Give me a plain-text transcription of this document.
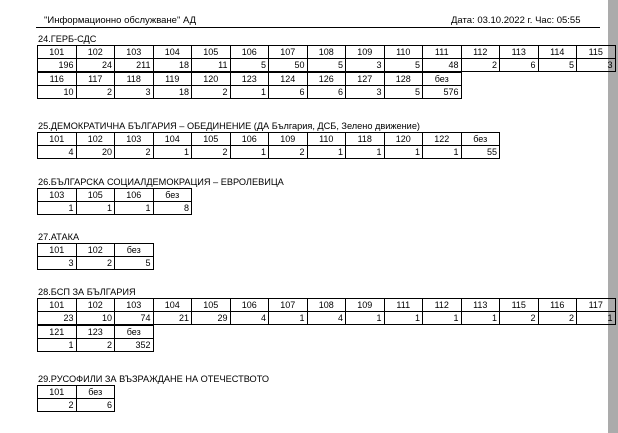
"Информационно обслужване" АД	Дата: 03.10.2022 г. Час: 05:55
24.ГЕРБ-СДС
101	102	103	104	105	106	107	108	109	110	111	112	113	114	115
196	24	211	18	11	5	50	5	3	5	48	2	6	5	3
116	117	118	119	120	123	124	126	127	128	без
10	2	3	18	2	1	6	6	3	5	576
25.ДЕМОКРАТИЧНА БЪЛГАРИЯ – ОБЕДИНЕНИЕ (ДА България, ДСБ, Зелено движение)
101	102	103	104	105	106	109	110	118	120	122	без
4	20	2	1	2	1	2	1	1	1	1	55
26.БЪЛГАРСКА СОЦИАЛДЕМОКРАЦИЯ – ЕВРОЛЕВИЦА
103	105	106	без
1	1	1	8
27.АТАКА
101	102	без
3	2	5
28.БСП ЗА БЪЛГАРИЯ
101	102	103	104	105	106	107	108	109	111	112	113	115	116	117
23	10	74	21	29	4	1	4	1	1	1	1	2	2	1
121	123	без
1	2	352
29.РУСОФИЛИ ЗА ВЪЗРАЖДАНЕ НА ОТЕЧЕСТВОТО
101	без
2	6
